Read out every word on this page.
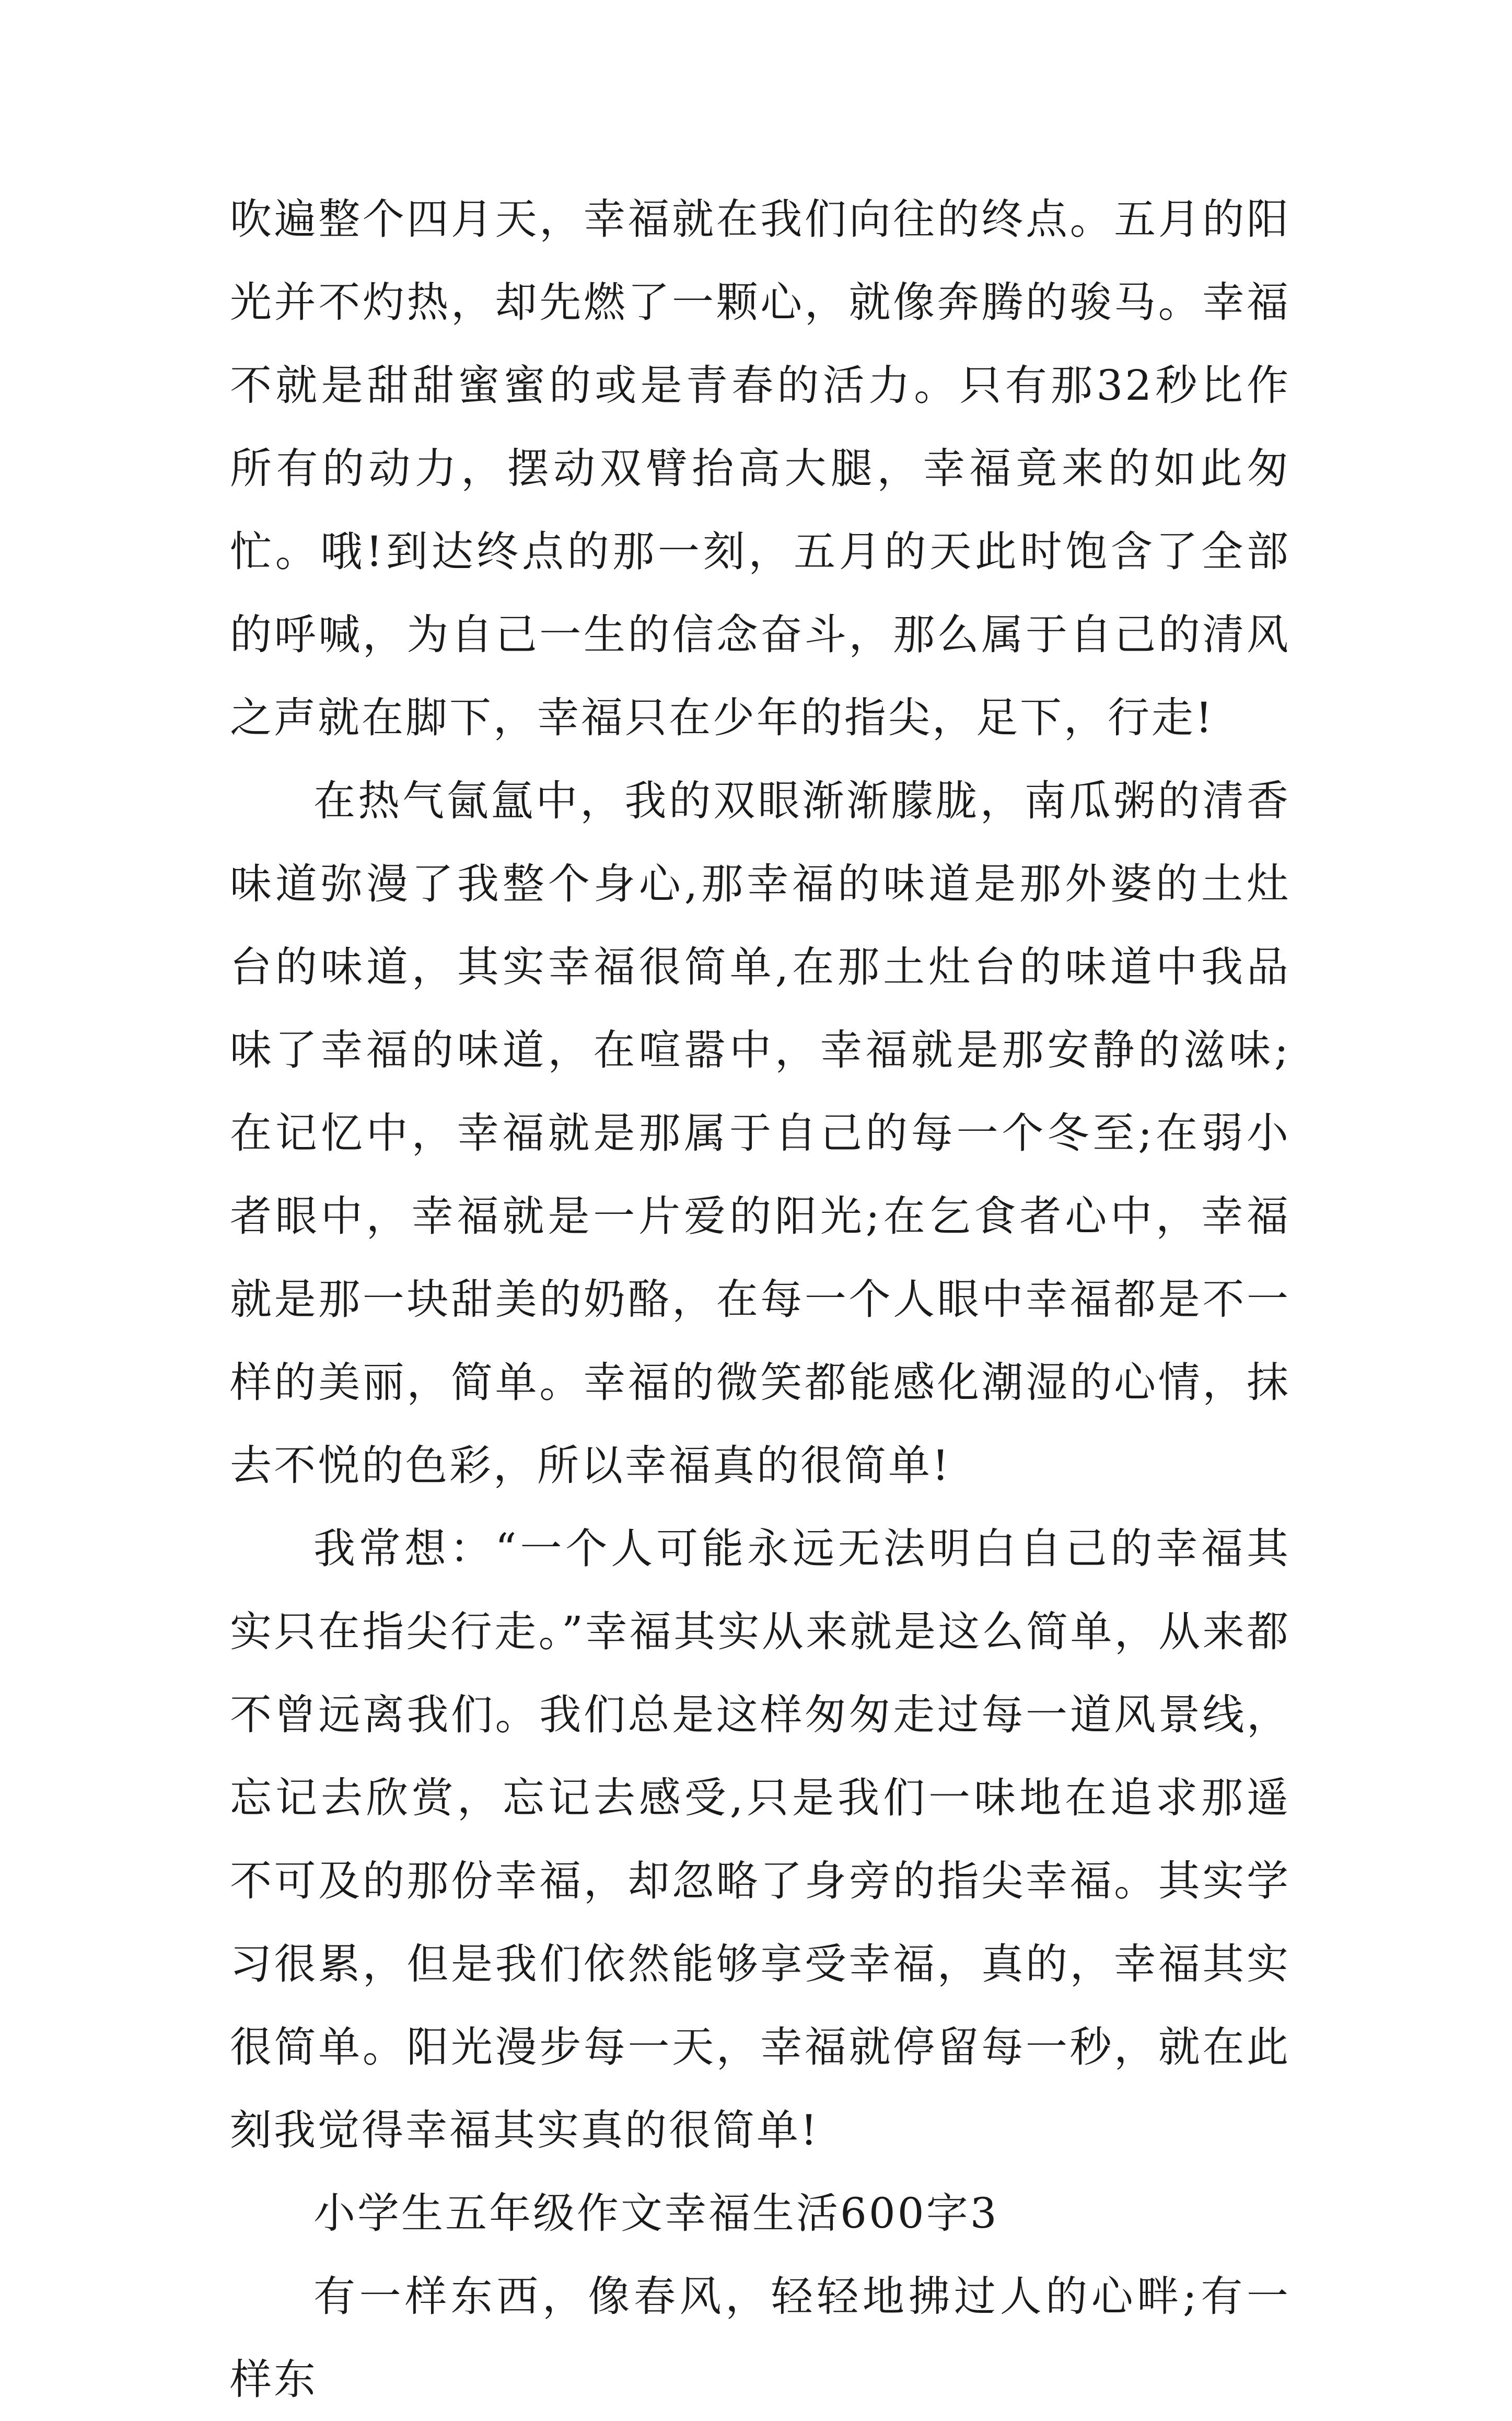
吹遍整个四月天，幸福就在我们向往的终点。五月的阳光并不灼热，却先燃了一颗心，就像奔腾的骏马。幸福不就是甜甜蜜蜜的或是青春的活力。只有那32秒比作所有的动力，摆动双臂抬高大腿，幸福竟来的如此匆忙。哦!到达终点的那一刻，五月的天此时饱含了全部的呼喊，为自己一生的信念奋斗，那么属于自己的清风之声就在脚下，幸福只在少年的指尖，足下，行走!

在热气氤氲中，我的双眼渐渐朦胧，南瓜粥的清香味道弥漫了我整个身心,那幸福的味道是那外婆的土灶台的味道，其实幸福很简单,在那土灶台的味道中我品味了幸福的味道，在喧嚣中，幸福就是那安静的滋味;在记忆中，幸福就是那属于自己的每一个冬至;在弱小者眼中，幸福就是一片爱的阳光;在乞食者心中，幸福就是那一块甜美的奶酪，在每一个人眼中幸福都是不一样的美丽，简单。幸福的微笑都能感化潮湿的心情，抹去不悦的色彩，所以幸福真的很简单!

我常想：“一个人可能永远无法明白自己的幸福其实只在指尖行走。”幸福其实从来就是这么简单，从来都不曾远离我们。我们总是这样匆匆走过每一道风景线，忘记去欣赏，忘记去感受,只是我们一味地在追求那遥不可及的那份幸福，却忽略了身旁的指尖幸福。其实学习很累，但是我们依然能够享受幸福，真的，幸福其实很简单。阳光漫步每一天，幸福就停留每一秒，就在此刻我觉得幸福其实真的很简单!

小学生五年级作文幸福生活600字3

有一样东西，像春风，轻轻地拂过人的心畔;有一样东
